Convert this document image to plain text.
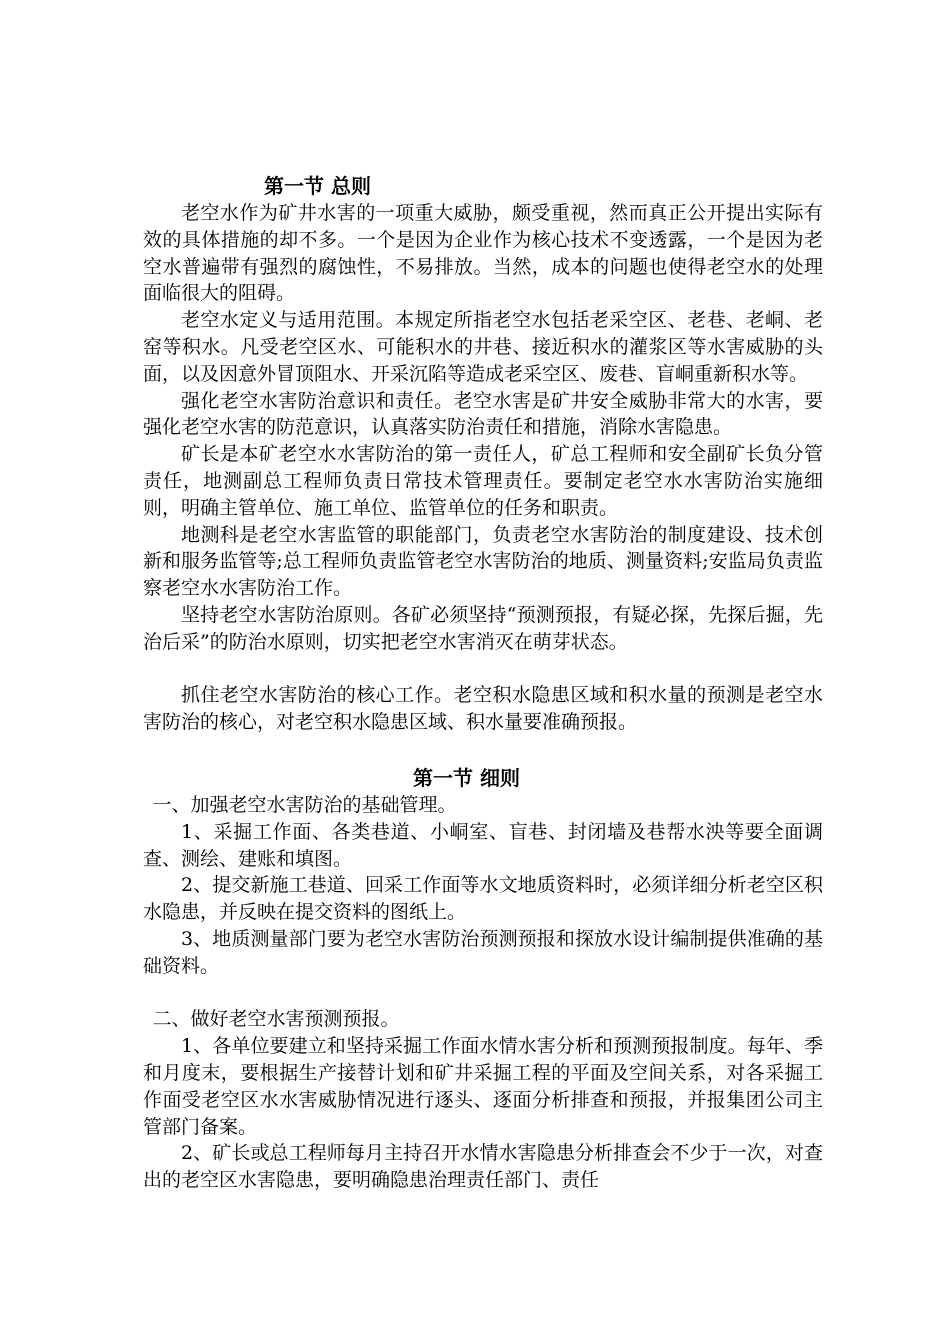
第一节 总则

老空水作为矿井水害的一项重大威胁，颇受重视，然而真正公开提出实际有效的具体措施的却不多。一个是因为企业作为核心技术不变透露，一个是因为老空水普遍带有强烈的腐蚀性，不易排放。当然，成本的问题也使得老空水的处理面临很大的阻碍。

老空水定义与适用范围。本规定所指老空水包括老采空区、老巷、老峒、老窑等积水。凡受老空区水、可能积水的井巷、接近积水的灌浆区等水害威胁的头面，以及因意外冒顶阻水、开采沉陷等造成老采空区、废巷、盲峒重新积水等。

强化老空水害防治意识和责任。老空水害是矿井安全威胁非常大的水害，要强化老空水害的防范意识，认真落实防治责任和措施，消除水害隐患。

矿长是本矿老空水水害防治的第一责任人，矿总工程师和安全副矿长负分管责任，地测副总工程师负责日常技术管理责任。要制定老空水水害防治实施细则，明确主管单位、施工单位、监管单位的任务和职责。

地测科是老空水害监管的职能部门，负责老空水害防治的制度建设、技术创新和服务监管等;总工程师负责监管老空水害防治的地质、测量资料;安监局负责监察老空水水害防治工作。

坚持老空水害防治原则。各矿必须坚持“预测预报，有疑必探，先探后掘，先治后采”的防治水原则，切实把老空水害消灭在萌芽状态。

抓住老空水害防治的核心工作。老空积水隐患区域和积水量的预测是老空水害防治的核心，对老空积水隐患区域、积水量要准确预报。

第一节 细则

一、加强老空水害防治的基础管理。

1、采掘工作面、各类巷道、小峒室、盲巷、封闭墙及巷帮水泱等要全面调查、测绘、建账和填图。

2、提交新施工巷道、回采工作面等水文地质资料时，必须详细分析老空区积水隐患，并反映在提交资料的图纸上。

3、地质测量部门要为老空水害防治预测预报和探放水设计编制提供准确的基础资料。

二、做好老空水害预测预报。

1、各单位要建立和坚持采掘工作面水情水害分析和预测预报制度。每年、季和月度末，要根据生产接替计划和矿井采掘工程的平面及空间关系，对各采掘工作面受老空区水水害威胁情况进行逐头、逐面分析排查和预报，并报集团公司主管部门备案。

2、矿长或总工程师每月主持召开水情水害隐患分析排查会不少于一次，对查出的老空区水害隐患，要明确隐患治理责任部门、责任
